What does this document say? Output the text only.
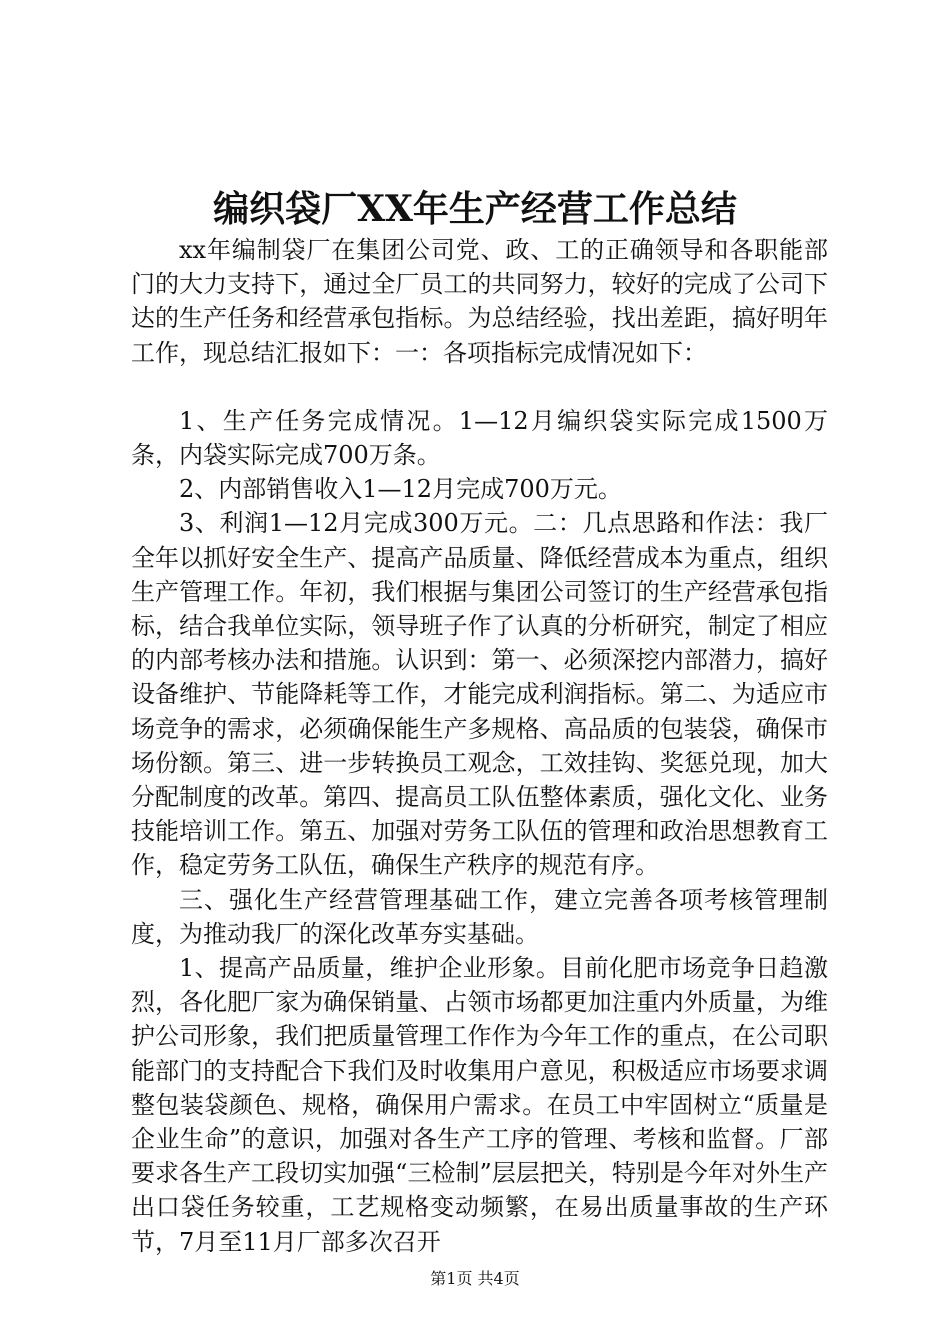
编织袋厂XX年生产经营工作总结

xx年编制袋厂在集团公司党、政、工的正确领导和各职能部门的大力支持下，通过全厂员工的共同努力，较好的完成了公司下达的生产任务和经营承包指标。为总结经验，找出差距，搞好明年工作，现总结汇报如下：一：各项指标完成情况如下：

1、生产任务完成情况。1—12月编织袋实际完成1500万条，内袋实际完成700万条。

2、内部销售收入1—12月完成700万元。

3、利润1—12月完成300万元。二：几点思路和作法：我厂全年以抓好安全生产、提高产品质量、降低经营成本为重点，组织生产管理工作。年初，我们根据与集团公司签订的生产经营承包指标，结合我单位实际，领导班子作了认真的分析研究，制定了相应的内部考核办法和措施。认识到：第一、必须深挖内部潜力，搞好设备维护、节能降耗等工作，才能完成利润指标。第二、为适应市场竞争的需求，必须确保能生产多规格、高品质的包装袋，确保市场份额。第三、进一步转换员工观念，工效挂钩、奖惩兑现，加大分配制度的改革。第四、提高员工队伍整体素质，强化文化、业务技能培训工作。第五、加强对劳务工队伍的管理和政治思想教育工作，稳定劳务工队伍，确保生产秩序的规范有序。

三、强化生产经营管理基础工作，建立完善各项考核管理制度，为推动我厂的深化改革夯实基础。

1、提高产品质量，维护企业形象。目前化肥市场竞争日趋激烈，各化肥厂家为确保销量、占领市场都更加注重内外质量，为维护公司形象，我们把质量管理工作作为今年工作的重点，在公司职能部门的支持配合下我们及时收集用户意见，积极适应市场要求调整包装袋颜色、规格，确保用户需求。在员工中牢固树立“质量是企业生命”的意识，加强对各生产工序的管理、考核和监督。厂部要求各生产工段切实加强“三检制”层层把关，特别是今年对外生产出口袋任务较重，工艺规格变动频繁，在易出质量事故的生产环节，7月至11月厂部多次召开

第1页 共4页
